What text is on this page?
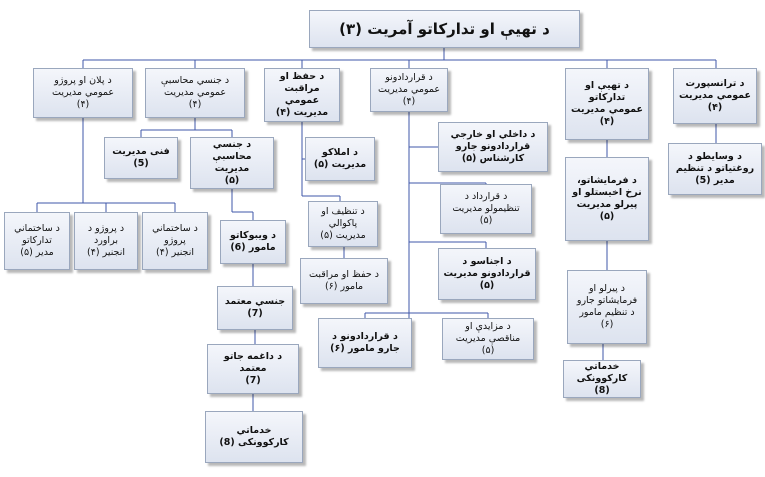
د تهيې او تدارکاتو آمریت (۳)
د پلان او پروژو
عمومي مدیریت
(۴)
د جنسي محاسبې
عمومي مدیریت
(۴)
د حفظ او
مراقبت عمومي
مدیریت (۴)
د قراردادونو
عمومي مدیریت
(۴)
د تهيې او
تدارکاتو
عمومي مدیریت
(۴)
د ترانسپورت
عمومي مدیریت
(۴)
فنی مدیریت
(5)
د جنسي
محاسبې مدیریت
(۵)
د ساختماني
تدارکاتو
مدیر (۵)
د پروژو د
براورد
انجنیر (۴)
د ساختماني
پروژو
انجنیر (۴)
د ویبوکاتو
مامور (6)
جنسي معتمد
(7)
د داغمه جاتو معتمد
(7)
خدماتي
کارکوونکی (8)
د املاکو
مدیریت (۵)
د تنظیف او
پاکوالي
مدیریت (۵)
د حفظ او مراقبت
مامور (۶)
د داخلي او خارجي
قراردادونو جارو
کارشناس (۵)
د قرارداد د
تنظیمولو مدیریت
(۵)
د اجناسو د
قراردادونو مدیریت
(۵)
د مزایدې او
مناقصې مدیریت
(۵)
د قراردادونو د
جارو مامور (۶)
د فرمایشاتو،
نرخ اخیستلو او
پیرلو مدیریت
(۵)
د پیرلو او
فرمایشاتو جارو
د تنظیم مامور
(۶)
خدماتي
کارکوونکی (8)
د وسایطو د
روغتیاتو د تنظیم
مدیر (5)
